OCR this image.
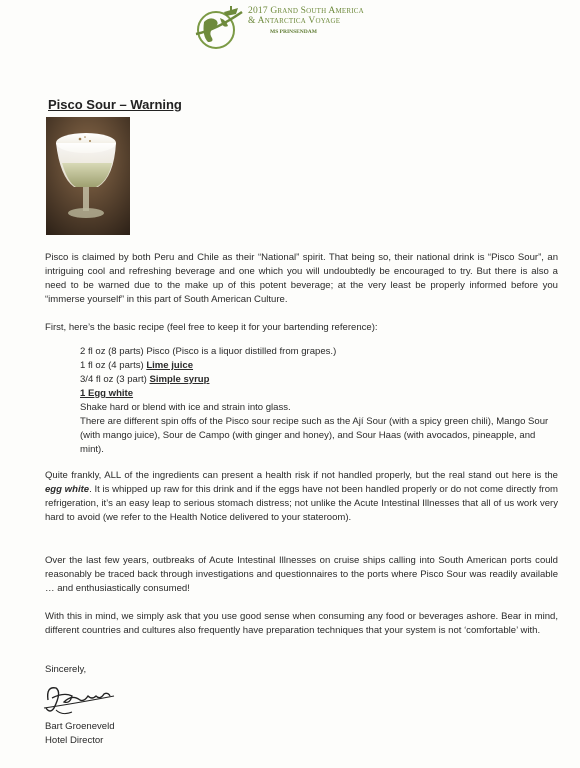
2017 Grand South America
& Antarctica Voyage
MS PRINSENDAM
Pisco Sour – Warning
Pisco is claimed by both Peru and Chile as their “National” spirit. That being so, their national drink is “Pisco Sour”, an intriguing cool and refreshing beverage and one which you will undoubtedly be encouraged to try. But there is also a need to be warned due to the make up of this potent beverage; at the very least be properly informed before you “immerse yourself” in this part of South American Culture.
First, here’s the basic recipe (feel free to keep it for your bartending reference):
2 fl oz (8 parts) Pisco (Pisco is a liquor distilled from grapes.)
1 fl oz (4 parts) Lime juice
3/4 fl oz (3 part) Simple syrup
1 Egg white
Shake hard or blend with ice and strain into glass.
There are different spin offs of the Pisco sour recipe such as the Ají Sour (with a spicy green chili), Mango Sour (with mango juice), Sour de Campo (with ginger and honey), and Sour Haas (with avocados, pineapple, and mint).
Quite frankly, ALL of the ingredients can present a health risk if not handled properly, but the real stand out here is the egg white. It is whipped up raw for this drink and if the eggs have not been handled properly or do not come directly from refrigeration, it’s an easy leap to serious stomach distress; not unlike the Acute Intestinal Illnesses that all of us work very hard to avoid (we refer to the Health Notice delivered to your stateroom).
Over the last few years, outbreaks of Acute Intestinal Illnesses on cruise ships calling into South American ports could reasonably be traced back through investigations and questionnaires to the ports where Pisco Sour was readily available … and enthusiastically consumed!
With this in mind, we simply ask that you use good sense when consuming any food or beverages ashore. Bear in mind, different countries and cultures also frequently have preparation techniques that your system is not ‘comfortable’ with.
Sincerely,
Bart Groeneveld
Hotel Director
